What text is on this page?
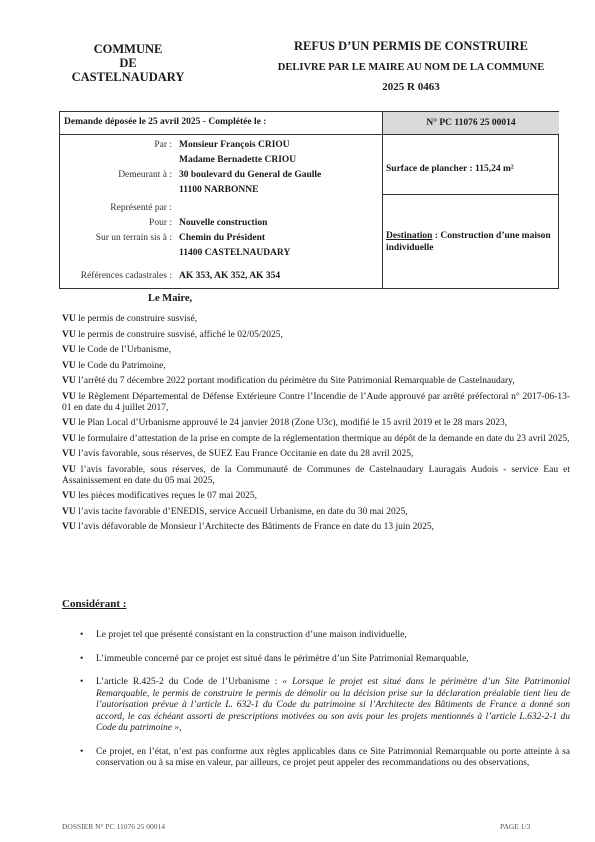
COMMUNE
DE
CASTELNAUDARY
REFUS D’UN PERMIS DE CONSTRUIRE
DELIVRE PAR LE MAIRE AU NOM DE LA COMMUNE
2025 R 0463
Demande déposée le 25 avril 2025 - Complétée le :	N° PC 11076 25 00014
Par : Monsieur François CRIOU
Madame Bernadette CRIOU
Demeurant à : 30 boulevard du General de Gaulle
11100 NARBONNE
Représenté par :
Pour : Nouvelle construction
Sur un terrain sis à : Chemin du Président
11400 CASTELNAUDARY
Références cadastrales : AK 353, AK 352, AK 354
Surface de plancher : 115,24 m²
Destination : Construction d’une maison individuelle
Le Maire,
VU le permis de construire susvisé,
VU le permis de construire susvisé, affiché le 02/05/2025,
VU le Code de l’Urbanisme,
VU le Code du Patrimoine,
VU l’arrêté du 7 décembre 2022 portant modification du périmètre du Site Patrimonial Remarquable de Castelnaudary,
VU le Règlement Départemental de Défense Extérieure Contre l’Incendie de l’Aude approuvé par arrêté préfectoral n° 2017-06-13-01 en date du 4 juillet 2017,
VU le Plan Local d’Urbanisme approuvé le 24 janvier 2018 (Zone U3c), modifié le 15 avril 2019 et le 28 mars 2023,
VU le formulaire d’attestation de la prise en compte de la réglementation thermique au dépôt de la demande en date du 23 avril 2025,
VU l’avis favorable, sous réserves, de SUEZ Eau France Occitanie en date du 28 avril 2025,
VU l’avis favorable, sous réserves, de la Communauté de Communes de Castelnaudary Lauragais Audois - service Eau et Assainissement en date du 05 mai 2025,
VU les pièces modificatives reçues le 07 mai 2025,
VU l’avis tacite favorable d’ENEDIS, service Accueil Urbanisme, en date du 30 mai 2025,
VU l’avis défavorable de Monsieur l’Architecte des Bâtiments de France en date du 13 juin 2025,
Considérant :
• Le projet tel que présenté consistant en la construction d’une maison individuelle,
• L’immeuble concerné par ce projet est situé dans le périmètre d’un Site Patrimonial Remarquable,
• L’article R.425-2 du Code de l’Urbanisme : « Lorsque le projet est situé dans le périmètre d’un Site Patrimonial Remarquable, le permis de construire le permis de démolir ou la décision prise sur la déclaration préalable tient lieu de l’autorisation prévue à l’article L. 632-1 du Code du patrimoine si l’Architecte des Bâtiments de France a donné son accord, le cas échéant assorti de prescriptions motivées ou son avis pour les projets mentionnés à l’article L.632-2-1 du Code du patrimoine »,
• Ce projet, en l’état, n’est pas conforme aux règles applicables dans ce Site Patrimonial Remarquable ou porte atteinte à sa conservation ou à sa mise en valeur, par ailleurs, ce projet peut appeler des recommandations ou des observations,
DOSSIER N° PC 11076 25 00014	PAGE 1/3
